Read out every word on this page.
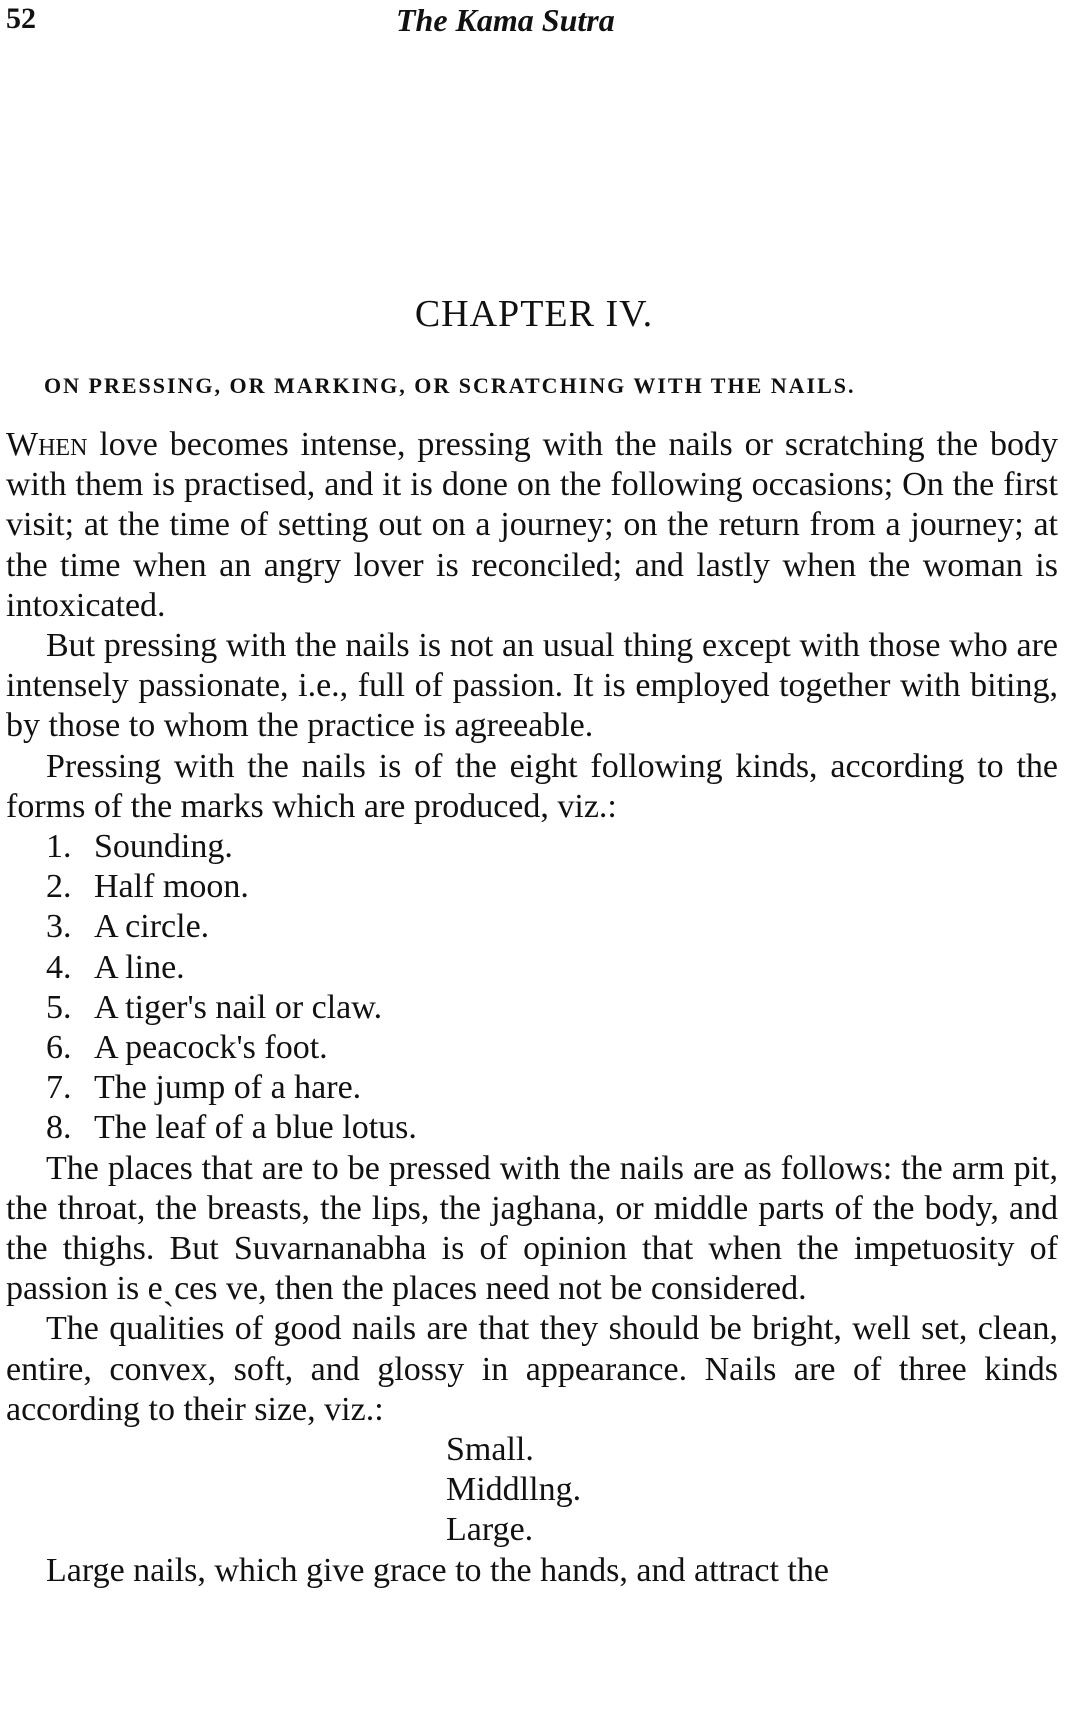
52	The Kama Sutra
CHAPTER IV.
ON PRESSING, OR MARKING, OR SCRATCHING WITH THE NAILS.

When love becomes intense, pressing with the nails or scratching the body with them is practised, and it is done on the following occasions; On the first visit; at the time of setting out on a journey; on the return from a journey; at the time when an angry lover is reconciled; and lastly when the woman is intoxicated.

But pressing with the nails is not an usual thing except with those who are intensely passionate, i.e., full of passion. It is employed together with biting, by those to whom the practice is agreeable.

Pressing with the nails is of the eight following kinds, according to the forms of the marks which are produced, viz.:

1. Sounding.
2. Half moon.
3. A circle.
4. A line.
5. A tiger's nail or claw.
6. A peacock's foot.
7. The jump of a hare.
8. The leaf of a blue lotus.

The places that are to be pressed with the nails are as follows: the arm pit, the throat, the breasts, the lips, the jaghana, or middle parts of the body, and the thighs. But Suvarnanabha is of opinion that when the impetuosity of passion is eˏces ve, then the places need not be considered.

The qualities of good nails are that they should be bright, well set, clean, entire, convex, soft, and glossy in appearance. Nails are of three kinds according to their size, viz.:

Small.
Middllng.
Large.

Large nails, which give grace to the hands, and attract the
